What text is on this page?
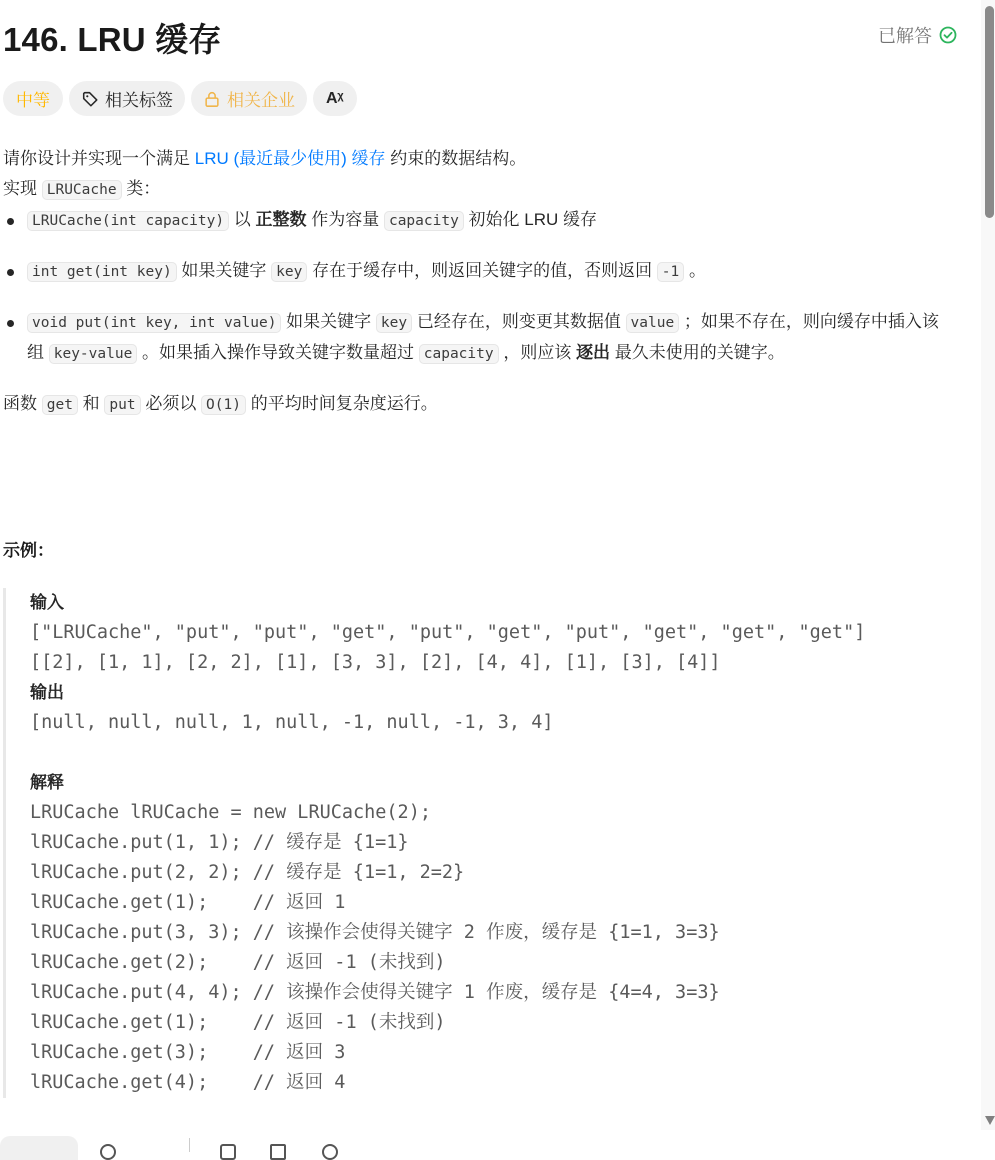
146. LRU 缓存	已解答
中等	相关标签	相关企业 Aᵡ

请你设计并实现一个满足 LRU (最近最少使用) 缓存 约束的数据结构。

实现 LRUCache 类：

LRUCache(int capacity) 以 正整数 作为容量 capacity 初始化 LRU 缓存
int get(int key) 如果关键字 key 存在于缓存中，则返回关键字的值，否则返回 -1 。
void put(int key, int value) 如果关键字 key 已经存在，则变更其数据值 value ；如果不存在，则向缓存中插入该组 key-value 。如果插入操作导致关键字数量超过 capacity ，则应该 逐出 最久未使用的关键字。

函数 get 和 put 必须以 O(1) 的平均时间复杂度运行。

示例：
输入
["LRUCache", "put", "put", "get", "put", "get", "put", "get", "get", "get"]
[[2], [1, 1], [2, 2], [1], [3, 3], [2], [4, 4], [1], [3], [4]]
输出
[null, null, null, 1, null, -1, null, -1, 3, 4]
解释
LRUCache lRUCache = new LRUCache(2);
lRUCache.put(1, 1); // 缓存是 {1=1}
lRUCache.put(2, 2); // 缓存是 {1=1, 2=2}
lRUCache.get(1);    // 返回 1
lRUCache.put(3, 3); // 该操作会使得关键字 2 作废，缓存是 {1=1, 3=3}
lRUCache.get(2);    // 返回 -1 (未找到)
lRUCache.put(4, 4); // 该操作会使得关键字 1 作废，缓存是 {4=4, 3=3}
lRUCache.get(1);    // 返回 -1 (未找到)
lRUCache.get(3);    // 返回 3
lRUCache.get(4);    // 返回 4
